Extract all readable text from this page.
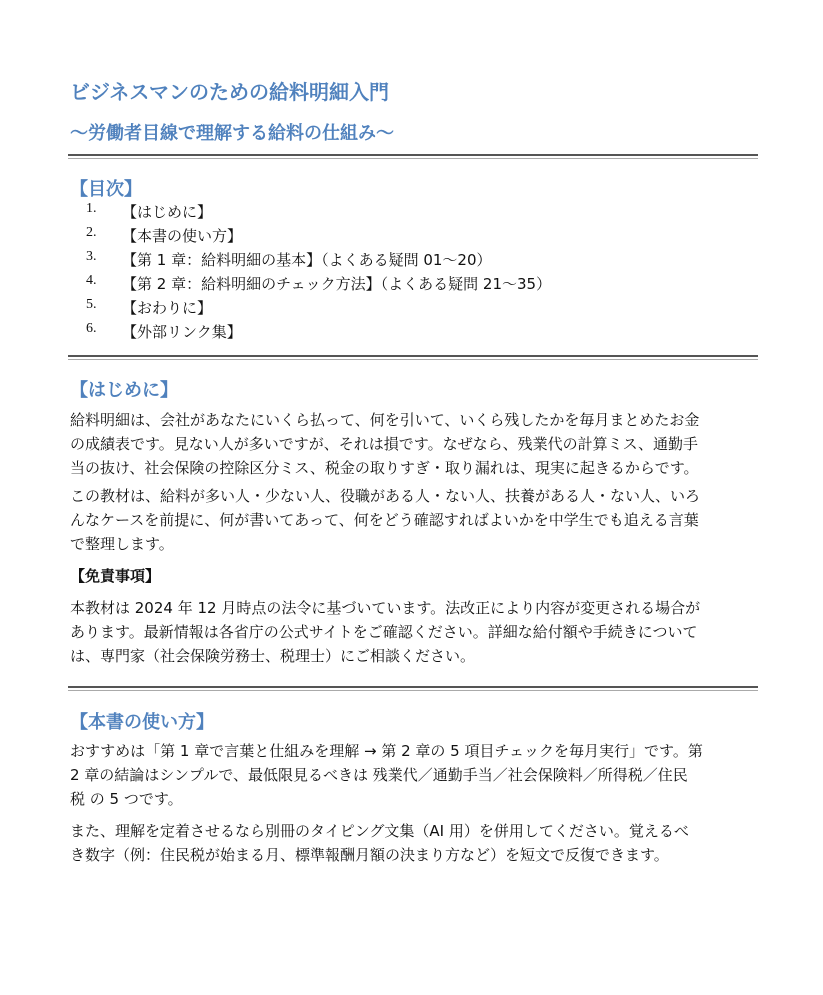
ビジネスマンのための給料明細入門
〜労働者目線で理解する給料の仕組み〜
【目次】
1. 【はじめに】
2. 【本書の使い方】
3. 【第 1 章：給料明細の基本】（よくある疑問 01〜20）
4. 【第 2 章：給料明細のチェック方法】（よくある疑問 21〜35）
5. 【おわりに】
6. 【外部リンク集】
【はじめに】
給料明細は、会社があなたにいくら払って、何を引いて、いくら残したかを毎月まとめたお金
の成績表です。見ない人が多いですが、それは損です。なぜなら、残業代の計算ミス、通勤手
当の抜け、社会保険の控除区分ミス、税金の取りすぎ・取り漏れは、現実に起きるからです。
この教材は、給料が多い人・少ない人、役職がある人・ない人、扶養がある人・ない人、いろ
んなケースを前提に、何が書いてあって、何をどう確認すればよいかを中学生でも追える言葉
で整理します。
【免責事項】
本教材は 2024 年 12 月時点の法令に基づいています。法改正により内容が変更される場合が
あります。最新情報は各省庁の公式サイトをご確認ください。詳細な給付額や手続きについて
は、専門家（社会保険労務士、税理士）にご相談ください。
【本書の使い方】
おすすめは「第 1 章で言葉と仕組みを理解 → 第 2 章の 5 項目チェックを毎月実行」です。第
2 章の結論はシンプルで、最低限見るべきは 残業代／通勤手当／社会保険料／所得税／住民
税 の 5 つです。
また、理解を定着させるなら別冊のタイピング文集（AI 用）を併用してください。覚えるべ
き数字（例：住民税が始まる月、標準報酬月額の決まり方など）を短文で反復できます。
